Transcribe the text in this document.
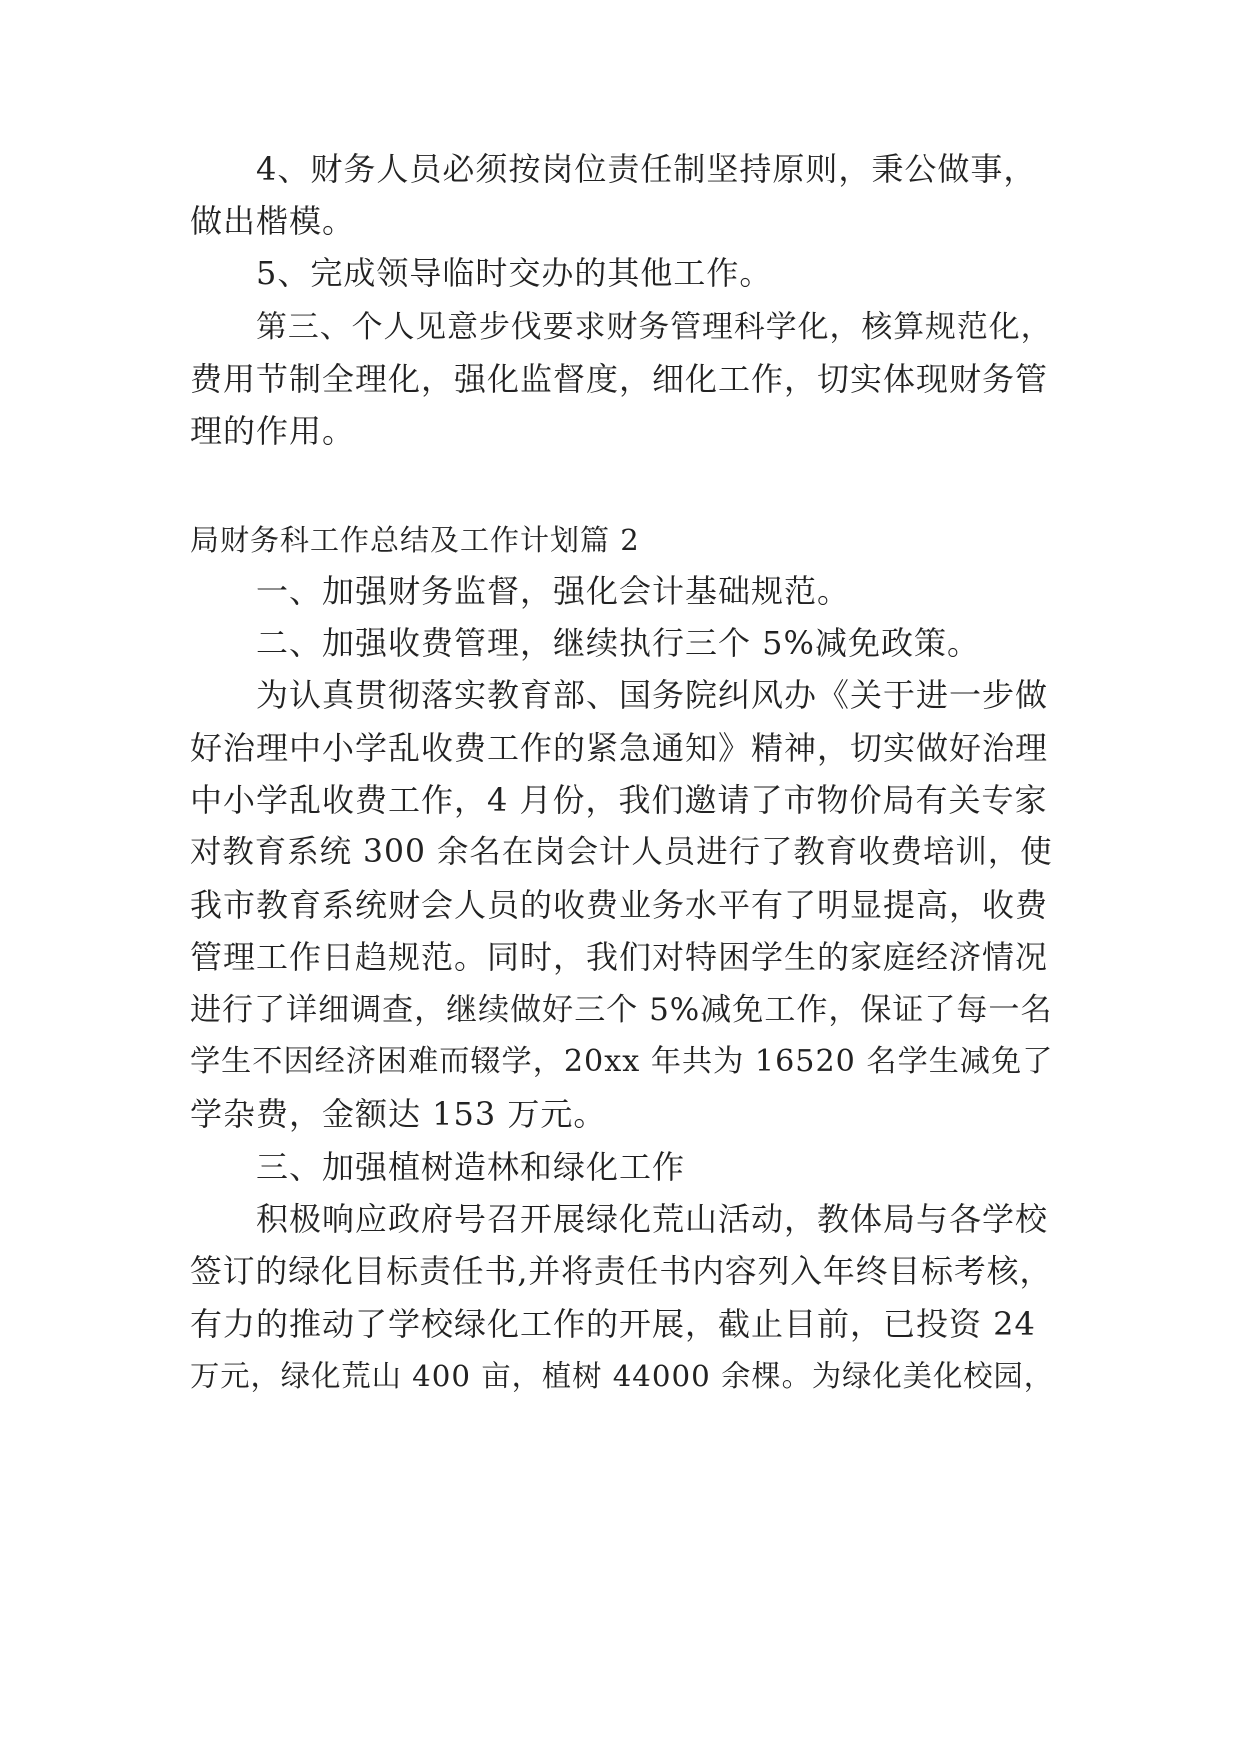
4、财务人员必须按岗位责任制坚持原则，秉公做事，
做出楷模。
5、完成领导临时交办的其他工作。
第三、个人见意步伐要求财务管理科学化，核算规范化，
费用节制全理化，强化监督度，细化工作，切实体现财务管
理的作用。
局财务科工作总结及工作计划篇 2
一、加强财务监督，强化会计基础规范。
二、加强收费管理，继续执行三个 5%减免政策。
为认真贯彻落实教育部、国务院纠风办《关于进一步做
好治理中小学乱收费工作的紧急通知》精神，切实做好治理
中小学乱收费工作，4 月份，我们邀请了市物价局有关专家
对教育系统 300 余名在岗会计人员进行了教育收费培训，使
我市教育系统财会人员的收费业务水平有了明显提高，收费
管理工作日趋规范。同时，我们对特困学生的家庭经济情况
进行了详细调查，继续做好三个 5%减免工作，保证了每一名
学生不因经济困难而辍学，20xx 年共为 16520 名学生减免了
学杂费，金额达 153 万元。
三、加强植树造林和绿化工作
积极响应政府号召开展绿化荒山活动，教体局与各学校
签订的绿化目标责任书,并将责任书内容列入年终目标考核，
有力的推动了学校绿化工作的开展，截止目前，已投资 24
万元，绿化荒山 400 亩，植树 44000 余棵。为绿化美化校园，
